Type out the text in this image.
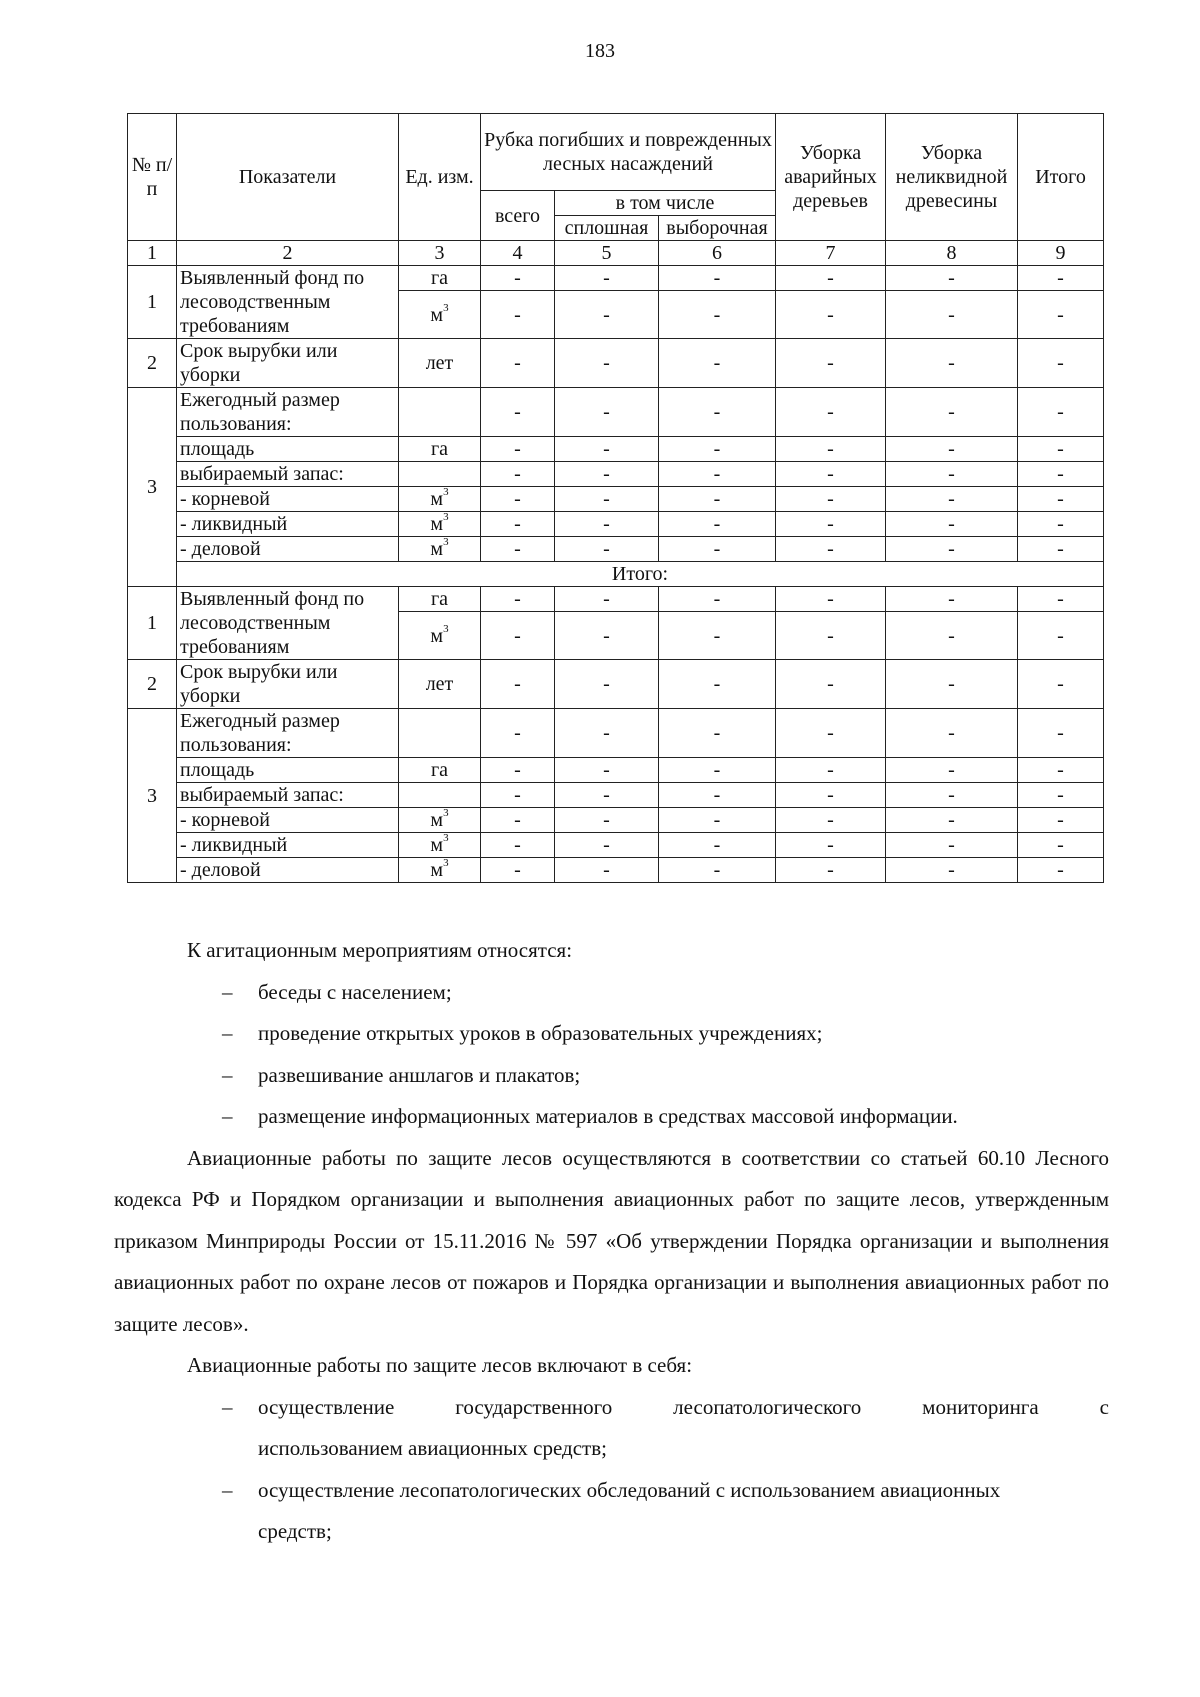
183
№ п/п	Показатели	Ед. изм.	Рубка погибших и поврежденных лесных насаждений			Уборка аварийных деревьев	Уборка неликвидной древесины	Итого
			всего	в том числе				
				сплошная	выборочная			
1	2	3	4	5	6	7	8	9
1	Выявленный фонд по лесоводственным требованиям	га	-	-	-	-	-	-
		$м^3$	-	-	-	-	-	-
2	Срок вырубки или уборки	лет	-	-	-	-	-	-
3	Ежегодный размер пользования:		-	-	-	-	-	-
	площадь	га	-	-	-	-	-	-
	выбираемый запас:		-	-	-	-	-	-
	- корневой	$м^3$	-	-	-	-	-	-
	- ликвидный	$м^3$	-	-	-	-	-	-
	- деловой	$м^3$	-	-	-	-	-	-
	Итого:							
1	Выявленный фонд по лесоводственным требованиям	га	-	-	-	-	-	-
		$м^3$	-	-	-	-	-	-
2	Срок вырубки или уборки	лет	-	-	-	-	-	-
3	Ежегодный размер пользования:		-	-	-	-	-	-
	площадь	га	-	-	-	-	-	-
	выбираемый запас:		-	-	-	-	-	-
	- корневой	$м^3$	-	-	-	-	-	-
	- ликвидный	$м^3$	-	-	-	-	-	-
	- деловой	$м^3$	-	-	-	-	-	-

К агитационным мероприятиям относятся:

– беседы с населением;

– проведение открытых уроков в образовательных учреждениях;

– развешивание аншлагов и плакатов;

– размещение информационных материалов в средствах массовой информации.

Авиационные работы по защите лесов осуществляются в соответствии со статьей 60.10 Лесного кодекса РФ и Порядком организации и выполнения авиационных работ по защите лесов, утвержденным приказом Минприроды России от 15.11.2016 № 597 «Об утверждении Порядка организации и выполнения авиационных работ по охране лесов от пожаров и Порядка организации и выполнения авиационных работ по защите лесов».

Авиационные работы по защите лесов включают в себя:

– осуществление государственного лесопатологического мониторинга с

использованием авиационных средств;

– осуществление лесопатологических обследований с использованием авиационных

средств;
